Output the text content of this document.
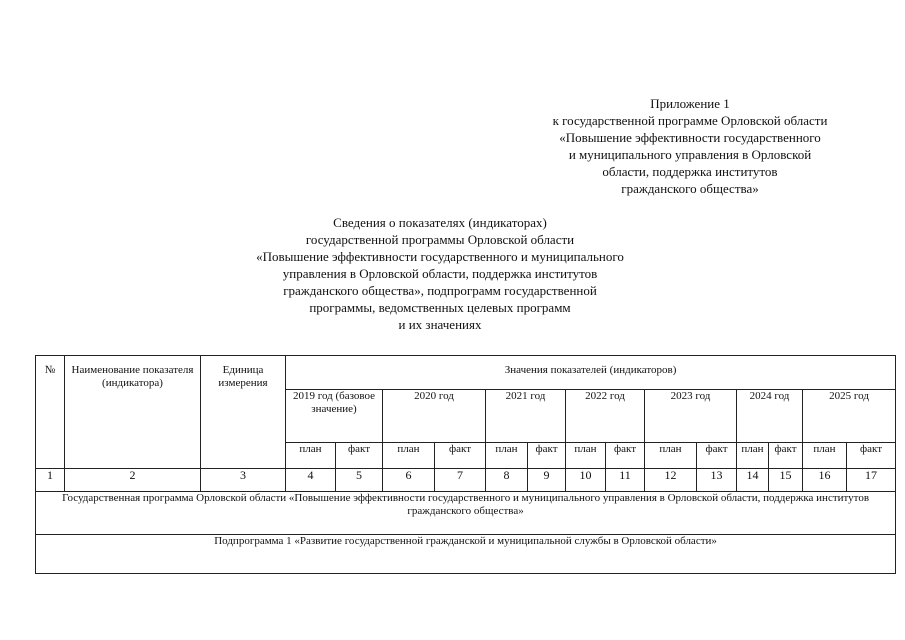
Приложение 1
к государственной программе Орловской области
«Повышение эффективности государственного
и муниципального управления в Орловской
области, поддержка институтов
гражданского общества»
Сведения о показателях (индикаторах)
государственной программы Орловской области
«Повышение эффективности государственного и муниципального
управления в Орловской области, поддержка институтов
гражданского общества», подпрограмм государственной
программы, ведомственных целевых программ
и их значениях
№	Наименование показателя (индикатора)	Единица измерения	Значения показателей (индикаторов)													
			2019 год (базовое значение)		2020 год		2021 год		2022 год		2023 год		2024 год		2025 год	
			план	факт	план	факт	план	факт	план	факт	план	факт	план	факт	план	факт
1	2	3	4	5	6	7	8	9	10	11	12	13	14	15	16	17
Государственная программа Орловской области «Повышение эффективности государственного и муниципального управления в Орловской области, поддержка институтов гражданского общества»																
Подпрограмма 1 «Развитие государственной гражданской и муниципальной службы в Орловской области»																
